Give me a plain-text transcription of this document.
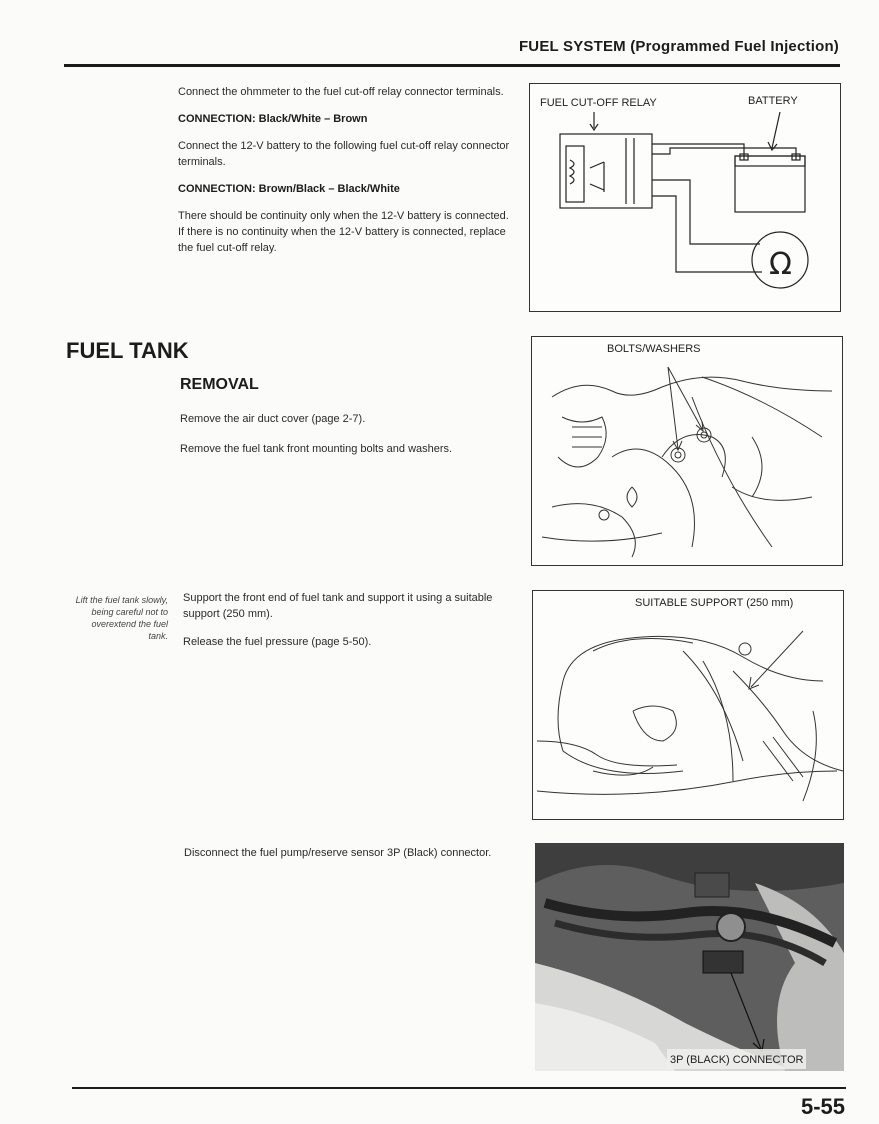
FUEL SYSTEM (Programmed Fuel Injection)

Connect the ohmmeter to the fuel cut-off relay connector terminals.

CONNECTION: Black/White – Brown

Connect the 12-V battery to the following fuel cut-off relay connector terminals.

CONNECTION: Brown/Black – Black/White

There should be continuity only when the 12-V battery is connected.

If there is no continuity when the 12-V battery is connected, replace the fuel cut-off relay.	Ω
FUEL CUT-OFF RELAY	BATTERY
FUEL TANK
REMOVAL

Remove the air duct cover (page 2-7).

Remove the fuel tank front mounting bolts and washers.

BOLTS/WASHERS
Lift the fuel tank slowly, being careful not to overextend the fuel tank.

Support the front end of fuel tank and support it using a suitable support (250 mm).

Release the fuel pressure (page 5-50).

SUITABLE SUPPORT (250 mm)

Disconnect the fuel pump/reserve sensor 3P (Black) connector.

3P (BLACK) CONNECTOR
5-55
